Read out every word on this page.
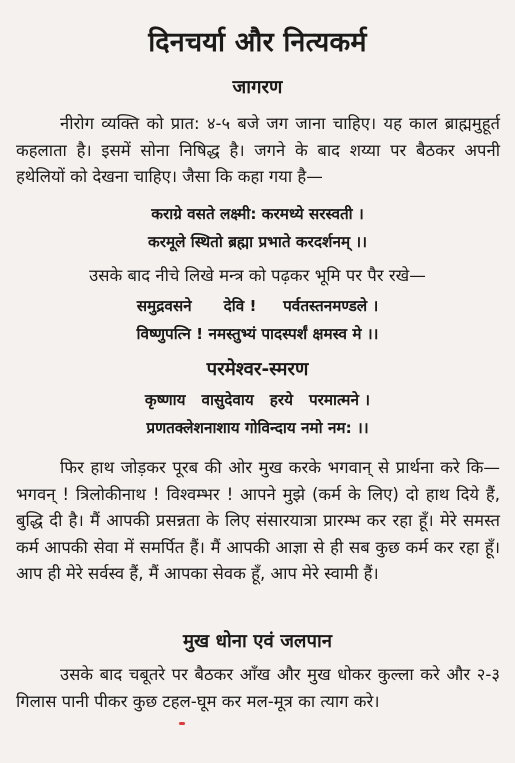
दिनचर्या और नित्यकर्म
जागरण
नीरोग व्यक्ति को प्रात: ४-५ बजे जग जाना चाहिए। यह काल ब्राह्ममुहूर्त कहलाता है। इसमें सोना निषिद्ध है। जगने के बाद शय्या पर बैठकर अपनी हथेलियों को देखना चाहिए। जैसा कि कहा गया है—
कराग्रे वसते लक्ष्मी: करमध्ये सरस्वती ।
करमूले स्थितो ब्रह्मा प्रभाते करदर्शनम् ।।
उसके बाद नीचे लिखे मन्त्र को पढ़कर भूमि पर पैर रखे—
समुद्रवसने      देवि !     पर्वतस्तनमण्डले ।
विष्णुपत्नि ! नमस्तुभ्यं पादस्पर्शं क्षमस्व मे ।।
परमेश्वर-स्मरण
कृष्णाय   वासुदेवाय   हरये   परमात्मने ।
प्रणतक्लेशनाशाय गोविन्दाय नमो नम: ।।
फिर हाथ जोड़कर पूरब की ओर मुख करके भगवान् से प्रार्थना करे कि—भगवन् ! त्रिलोकीनाथ ! विश्वम्भर ! आपने मुझे (कर्म के लिए) दो हाथ दिये हैं, बुद्धि दी है। मैं आपकी प्रसन्नता के लिए संसारयात्रा प्रारम्भ कर रहा हूँ। मेरे समस्त कर्म आपकी सेवा में समर्पित हैं। मैं आपकी आज्ञा से ही सब कुछ कर्म कर रहा हूँ। आप ही मेरे सर्वस्व हैं, मैं आपका सेवक हूँ, आप मेरे स्वामी हैं।
मुख धोना एवं जलपान
उसके बाद चबूतरे पर बैठकर आँख और मुख धोकर कुल्ला करे और २-३ गिलास पानी पीकर कुछ टहल-घूम कर मल-मूत्र का त्याग करे।
